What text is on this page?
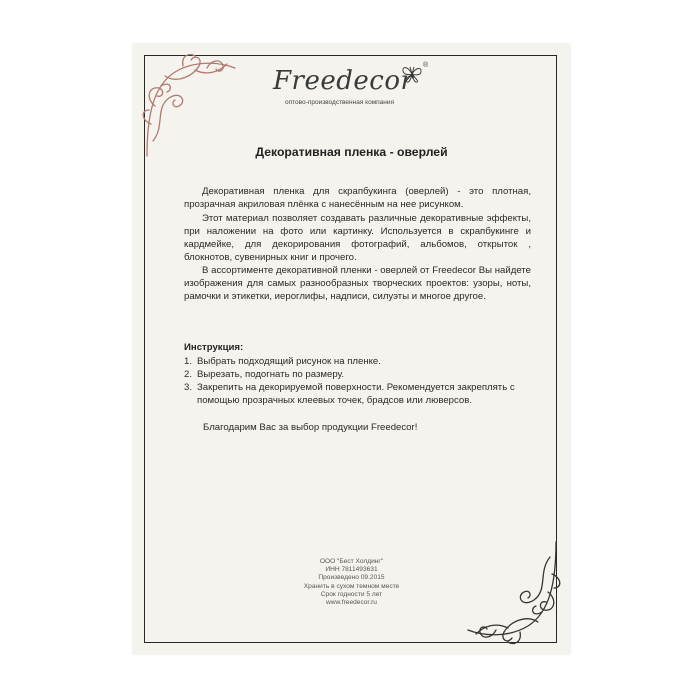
Freedecor
®
оптово-производственная компания
Декоративная пленка - оверлей

Декоративная пленка для скрапбукинга (оверлей) - это плотная, прозрачная акриловая плёнка с нанесённым на нее рисунком.

Этот материал позволяет создавать различные декоративные эффекты, при наложении на фото или картинку. Используется в скрапбукинге и кардмейке, для декорирования фотографий, альбомов, открыток , блокнотов, сувенирных книг и прочего.

В ассортименте декоративной пленки - оверлей от Freedecor Вы найдете изображения для самых разнообразных творческих проектов: узоры, ноты, рамочки и этикетки, иероглифы, надписи, силуэты и многое другое.

Инструкция:
1. Выбрать подходящий рисунок на пленке.
2. Вырезать, подогнать по размеру.
3. Закрепить на декорируемой поверхности. Рекомендуется закреплять с помощью прозрачных клеевых точек, брадсов или люверсов.
Благодарим Вас за выбор продукции Freedecor!
ООО "Бест Холдинг"
ИНН 7811493631
Произведено 09.2015
Хранить в сухом темном месте
Срок годности 5 лет
www.freedecor.ru
